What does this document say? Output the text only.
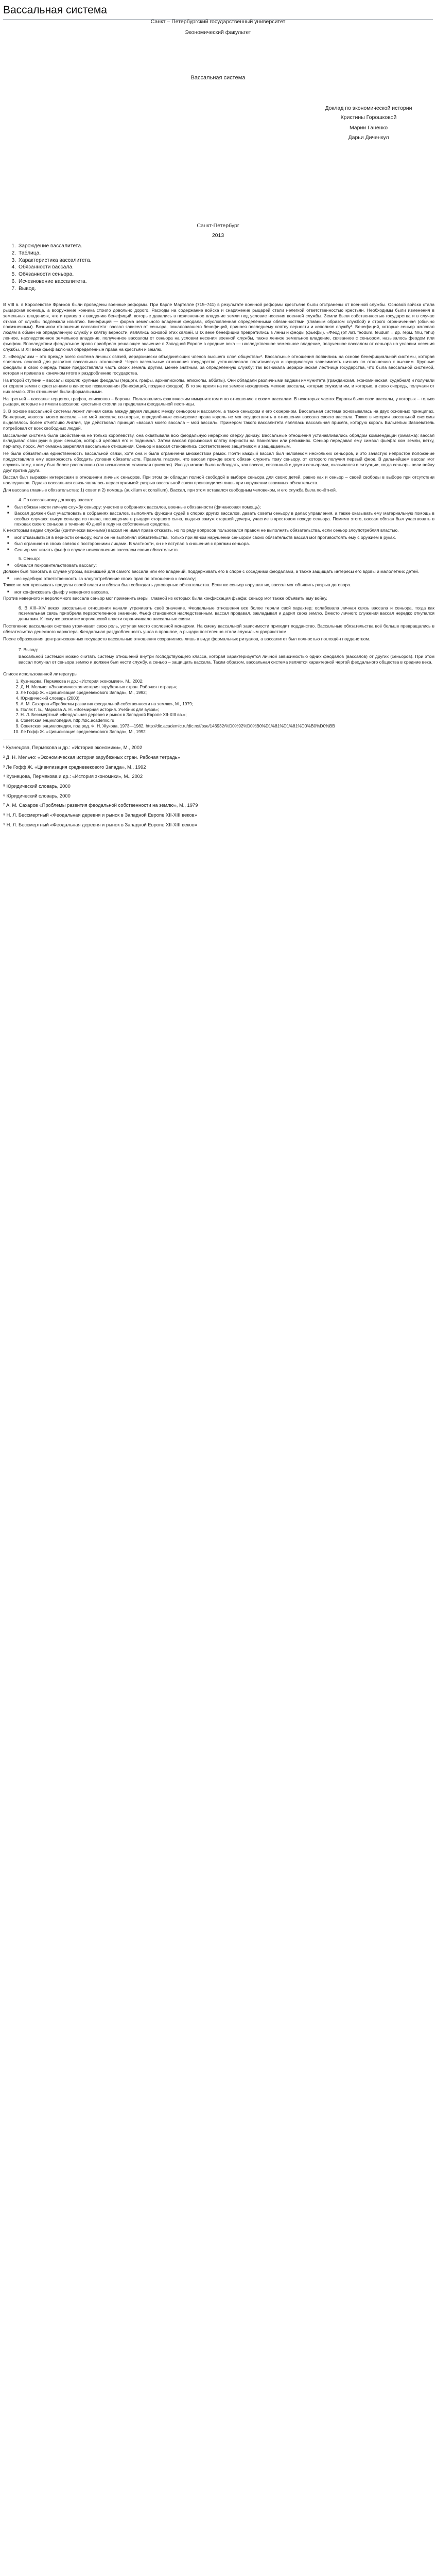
Вассальная система
Санкт – Петербургский государственный университет
Экономический факультет
Вассальная система
Доклад по экономической истории
Кристины Горошковой
Марии Ганенко
Дарьи Диченкул
Санкт-Петербург
2013
1. Зарождение вассалитета.
2. Таблица.
3. Характеристика вассалитета.
4. Обязанности вассала.
5. Обязанности сеньора.
6. Исчезновение вассалитета.
7. Вывод.

В VIII в. в Королевстве Франков были проведены военные реформы. При Карле Мартелле (715–741) в результате военной реформы крестьяне были отстранены от военной службы. Основой войска стала рыцарская конница, а вооружение конника стоило довольно дорого. Расходы на содержание войска и снаряжение рыцарей стали нелегкой ответственностью крестьян. Необходимы были изменения в земельных владениях, что и привело к введению бенефиций, которые давались в пожизненное владение земли под условие несения военной службы. Земли были собственностью государства и в случае отказа от службы подлежали изъятию. Бенефиций — форма земельного владения феодала, обусловленная определёнными обязанностями (главным образом службой) и строго ограниченная (обычно пожизненным). Возникли отношения вассалитета: вассал зависел от сеньора, пожаловавшего бенефиций, принося последнему клятву верности и исполняя службу¹. Бенефиций, которые сеньор жаловал людям в обмен на определённую службу и клятву верности, являлись основой этих связей. В IX веке бенефиции превратились в лены и феоды (фьефы). «Феод (от лат. feodum, feudum = др. герм. fihu, fehu) ленное, наследственное земельное владение, полученное вассалом от сеньора на условии несения военной службы, также ленное земельное владение, связанное с сеньором, называлось феодом или фьефом. Впоследствии феодальное право приобрело решающее значение в Западной Европе в средние века — наследственное земельное владение, полученное вассалом от сеньора на условии несения службы. В XII веке фьеф включал определённые права на крестьян и землю.

2. «Феодализм – это прежде всего система личных связей, иерархически объединяющих членов высшего слоя общества»². Вассальные отношения появились на основе бенефициальной системы, которая являлась основой для развития вассальных отношений. Через вассальные отношения государство устанавливало политическую и юридическую зависимость низших по отношению к высшим. Крупные феодалы в свою очередь также предоставляли часть своих земель другим, менее знатным, за определённую службу: так возникала иерархическая лестница государства, что была вассальной системой, которая и привела в конечном итоге к раздроблению государства.

На второй ступени – вассалы короля: крупные феодалы (герцоги, графы, архиепископы, епископы, аббаты). Они обладали различными видами иммунитета (гражданская, экономическая, судебная) и получали от короля земли с крестьянами в качестве пожалования (бенефиций, позднее феодов). В то же время на их землях находились мелкие вассалы, которые служили им, и которые, в свою очередь, получали от них землю. Эти отношения были формальными.

На третьей – вассалы: герцогов, графов, епископов – бароны. Пользовались фактическим иммунитетом и по отношению к своим вассалам. В некоторых частях Европы были свои вассалы, у которых – только рыцари, которые не имели вассалов: крестьяне стояли за пределами феодальной лестницы.

3. В основе вассальной системы лежит личная связь между двумя лицами: между сеньором и вассалом, а также сеньором и его сюзереном. Вассальная система основывалась на двух основных принципах. Во-первых, «вассал моего вассала – не мой вассал»; во-вторых, определённые сеньорские права король не мог осуществлять в отношении вассала своего вассала. Также в истории вассальной системы выделялось более отчётливо Англия, где действовал принцип «вассал моего вассала – мой вассал». Примером такого вассалитета являлась вассальная присяга, которую король Вильгельм Завоеватель потребовал от всех свободных людей.

Вассальная система была свойственна не только королевству, она охватывала всю феодальную иерархию сверху донизу. Вассальные отношения устанавливались обрядом коммендации (оммажа): вассал вкладывал свои руки в руки сеньора, который целовал его и поднимал. Затем вассал произносил клятву верности на Евангелии или реликвиях. Сеньор передавал ему символ фьефа: ком земли, ветку, перчатку, посох. Акт оммажа закреплял вассальные отношения. Сеньор и вассал становились соответственно защитником и защищаемым.

Не была обязательна единственность вассальной связи, хотя она и была ограничена множеством рамок. Почти каждый вассал был человеком нескольких сеньоров, и это зачастую непростое положение предоставляло ему возможность обходить условия обязательств. Правила гласили, что вассал прежде всего обязан служить тому сеньору, от которого получил первый феод. В дальнейшем вассал мог служить тому, к кому был более расположен (так называемая «лижская присяга»). Иногда можно было наблюдать, как вассал, связанный с двумя сеньорами, оказывался в ситуации, когда сеньоры вели войну друг против друга.

Вассал был выражен интересами в отношении личных сеньоров. При этом он обладал полной свободой в выборе сеньора для своих детей, равно как и сеньор – своей свободы в выборе при отсутствии наследников. Однако вассальная связь являлась нерасторжимой: разрыв вассальной связи производился лишь при нарушении взаимных обязательств.

Для вассала главные обязательства: 1) совет и 2) помощь (auxilium et consilium). Вассал, при этом оставался свободным человеком, и его служба была почётной.

4. По вассальному договору вассал:

■ был обязан нести личную службу сеньору: участие в собраниях вассалов, военные обязанности (финансовая помощь);
■ Вассал должен был участвовать в собраниях вассалов, выполнять функции судей в спорах других вассалов, давать советы сеньору в делах управления, а также оказывать ему материальную помощь в особых случаях: выкуп сеньора из плена, посвящение в рыцари старшего сына, выдача замуж старшей дочери, участие в крестовом походе сеньора. Помимо этого, вассал обязан был участвовать в походах своего сеньора в течение 40 дней в году на собственные средства.

К некоторым видам службы (критически важными) вассал не имел права отказать, но по ряду вопросов пользовался правом не выполнять обязательства, если сеньор злоупотреблял властью.

■ мог отказываться в верности сеньору, если он не выполнял обязательства. Только при явном нарушении сеньором своих обязательств вассал мог противостоять ему с оружием в руках.
■ был ограничен в своих связях с посторонними лицами. В частности, он не вступал в сношения с врагами сеньора.
■ Сеньор мог изъять фьеф в случае неисполнения вассалом своих обязательств.

5. Сеньор:

■ обязался покровительствовать вассалу;

Должен был помогать в случае угрозы, возникшей для самого вассала или его владений, поддерживать его в споре с соседними феодалами, а также защищать интересы его вдовы и малолетних детей.

■ нес судебную ответственность за злоупотребление своих прав по отношению к вассалу;

Также не мог превышать пределы своей власти и обязан был соблюдать договорные обязательства. Если же сеньор нарушал их, вассал мог объявить разрыв договора.

■ мог конфисковать фьеф у неверного вассала.

Против неверного и вероломного вассала сеньор мог применить меры, главной из которых была конфискация фьефа; сеньор мог также объявить ему войну.

6. В XIII–XIV веках вассальные отношения начали утрачивать своё значение. Феодальные отношения все более теряли свой характер; ослабевала личная связь вассала и сеньора, тогда как поземельная связь приобрела первостепенное значение. Фьеф становился наследственным, вассал продавал, закладывал и дарил свою землю. Вместо личного служения вассал нередко откупался деньгами. К тому же развитие королевской власти ограничивало вассальные связи.

Постепенно вассальная система утрачивает свою роль, уступая место сословной монархии. На смену вассальной зависимости приходит подданство. Вассальные обязательства всё больше превращались в обязательства денежного характера. Феодальная раздробленность ушла в прошлое, а рыцари постепенно стали служилым дворянством.

После образования централизованных государств вассальные отношения сохранились лишь в виде формальных ритуалов, а вассалитет был полностью поглощён подданством.

7. Вывод:

Вассальной системой можно считать систему отношений внутри господствующего класса, которая характеризуется личной зависимостью одних феодалов (вассалов) от других (сеньоров). При этом вассал получал от сеньора землю и должен был нести службу, а сеньор – защищать вассала. Таким образом, вассальная система является характерной чертой феодального общества в средние века.

Список использованной литературы:

1. Кузнецова, Пермякова и др.: «История экономики», М., 2002;
2. Д. Н. Мельчо: «Экономическая история зарубежных стран. Рабочая тетрадь»;
3. Ле Гофф Ж. «Цивилизация средневекового Запада», М., 1992;
4. Юридический словарь (2000)
5. А. М. Сахаров «Проблемы развития феодальной собственности на землю», М., 1979;
6. Поляк Г. Б., Маркова А. Н. «Всемирная история. Учебник для вузов»;
7. Н. Л. Бессмертный «Феодальная деревня и рынок в Западной Европе XII-XIII вв.»;
8. Советская энциклопедия, http://dic.academic.ru
9. Советская энциклопедия, под ред. Ф. Н. Жукова, 1973—1982, http://dic.academic.ru/dic.nsf/bse/146932/%D0%92%D0%B0%D1%81%D1%81%D0%B0%D0%BB
10. Ле Гофф Ж. «Цивилизация средневекового Запада», М., 1992

¹ Кузнецова, Пермякова и др.: «История экономики», М., 2002

² Д. Н. Мельчо: «Экономическая история зарубежных стран. Рабочая тетрадь»

³ Ле Гофф Ж. «Цивилизация средневекового Запада», М., 1992

⁴ Кузнецова, Пермякова и др.: «История экономики», М., 2002

⁵ Юридический словарь, 2000

⁶ Юридический словарь, 2000

⁷ А. М. Сахаров «Проблемы развития феодальной собственности на землю», М., 1979

⁸ Н. Л. Бессмертный «Феодальная деревня и рынок в Западной Европе XII-XIII веков»

⁹ Н. Л. Бессмертный «Феодальная деревня и рынок в Западной Европе XII-XIII веков»
